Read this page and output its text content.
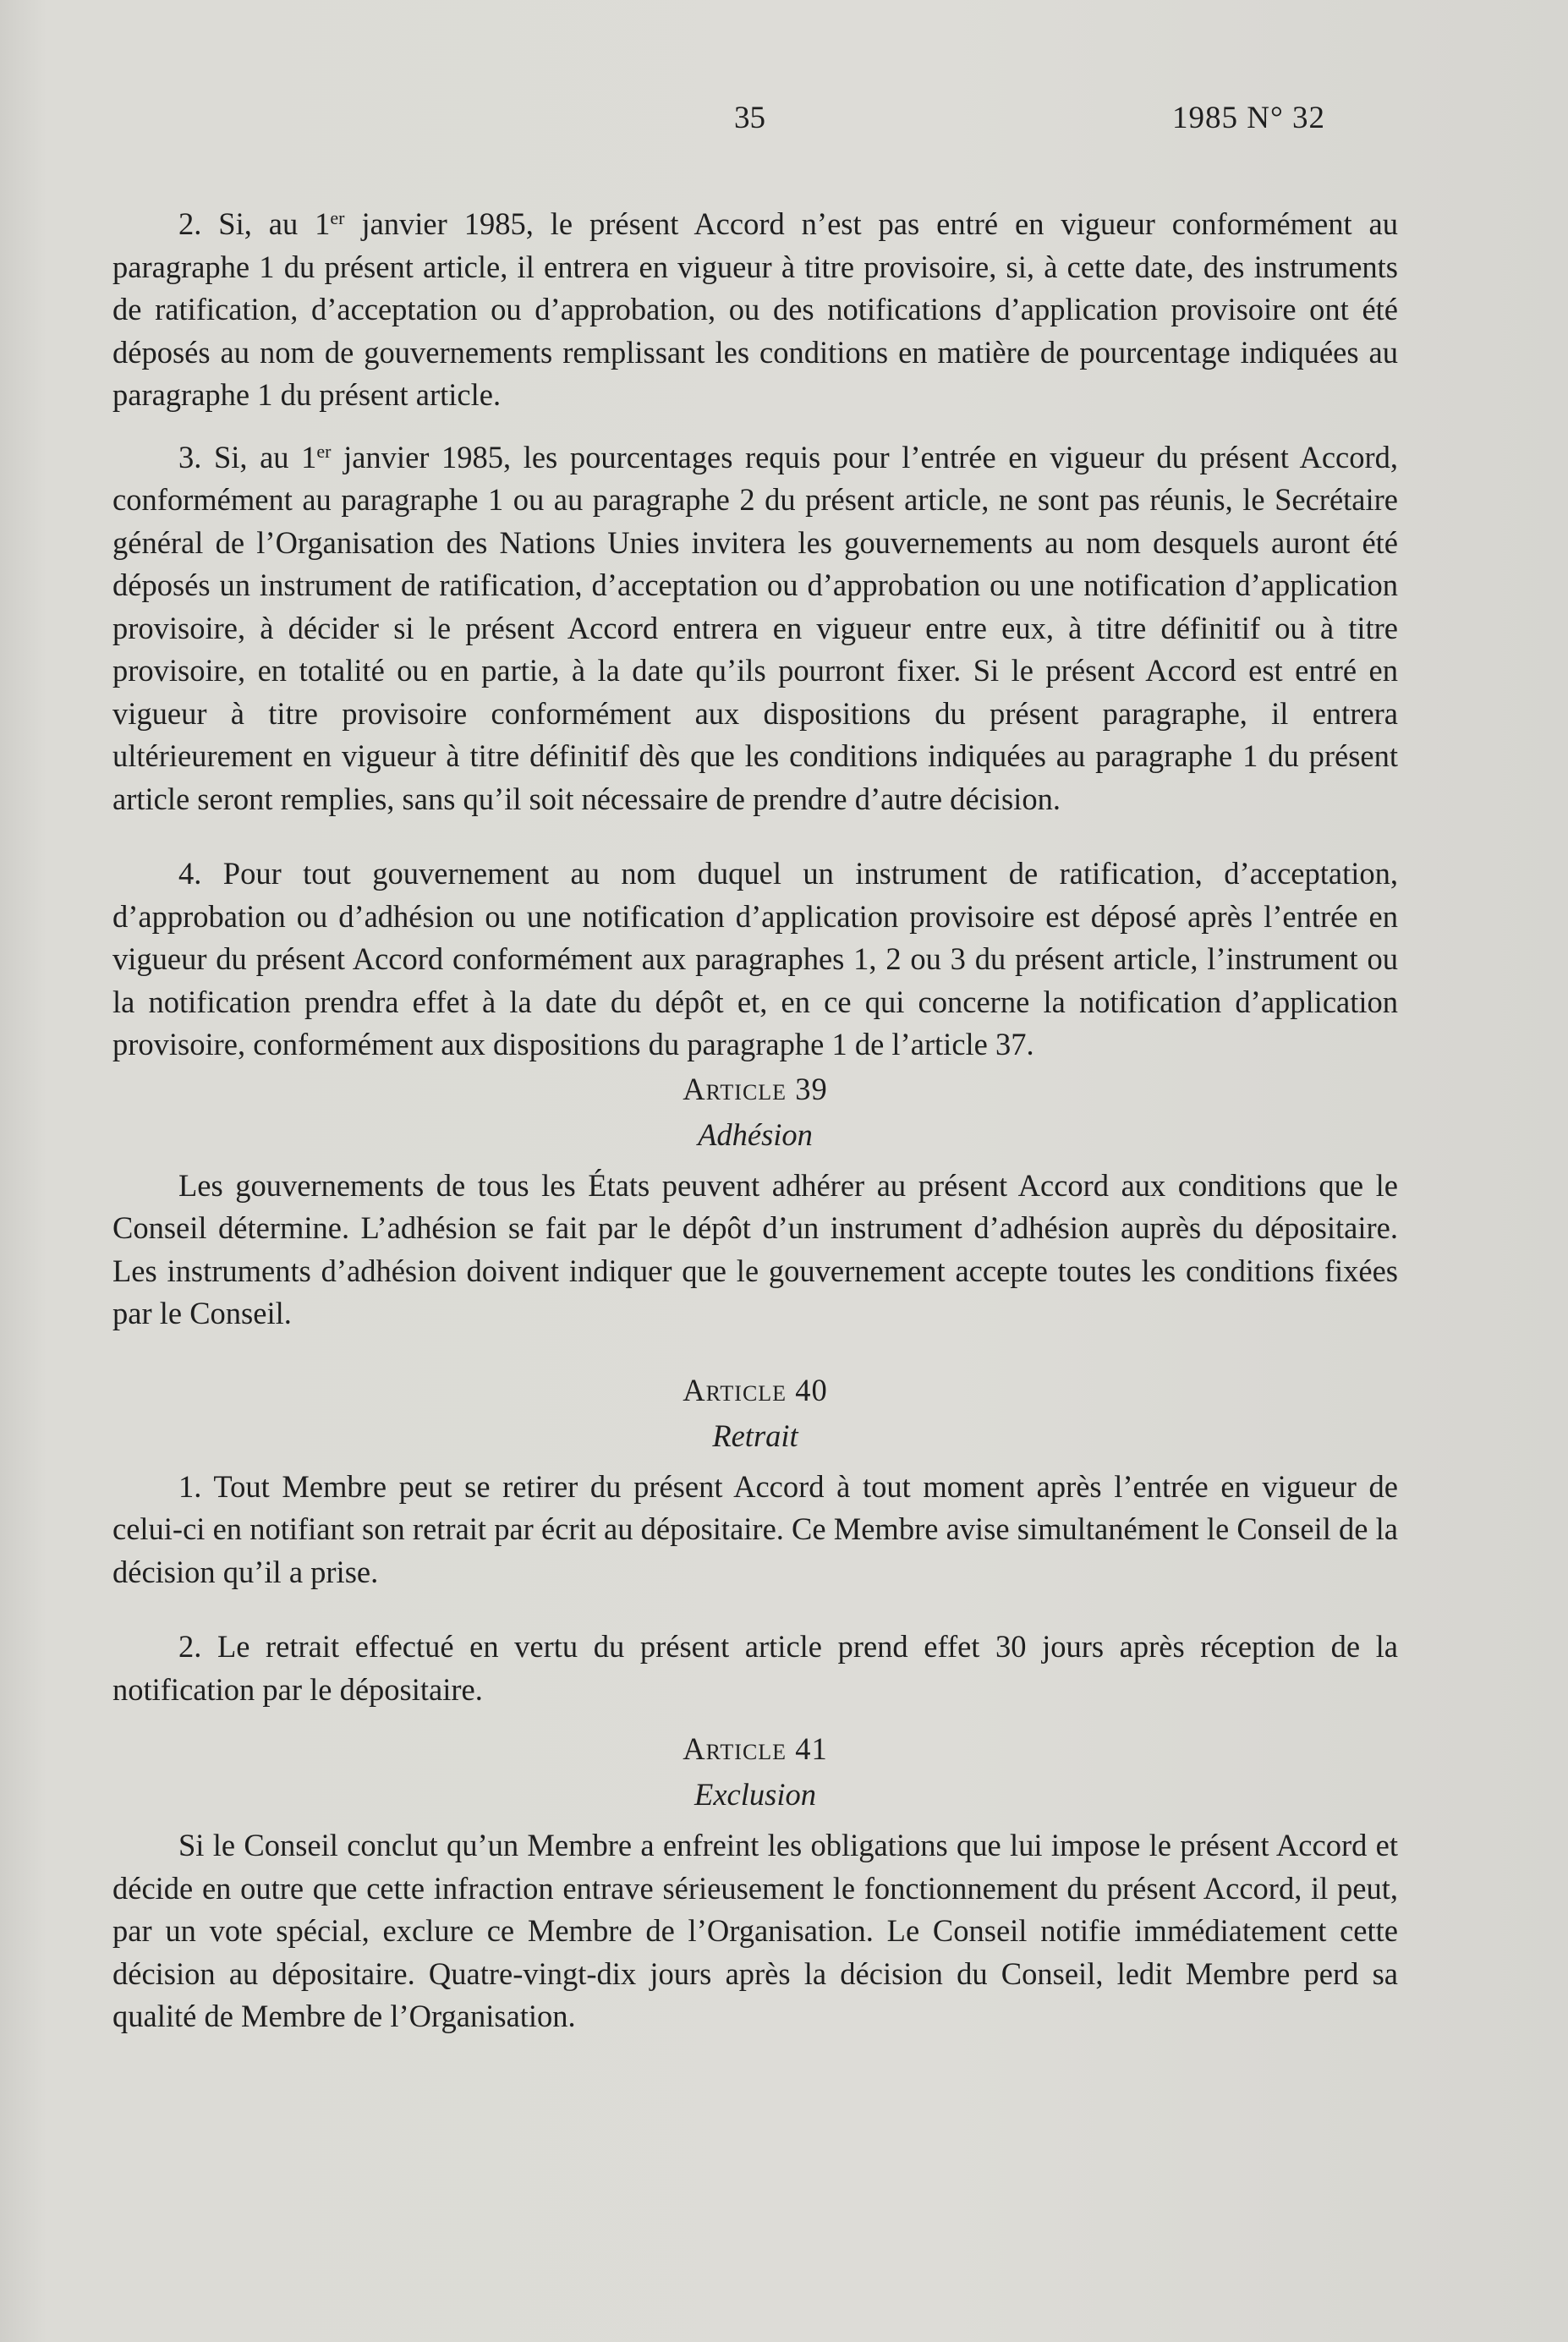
35	1985 N° 32

2. Si, au 1er janvier 1985, le présent Accord n’est pas entré en vigueur conformément au paragraphe 1 du présent article, il entrera en vigueur à titre provisoire, si, à cette date, des instruments de ratification, d’acceptation ou d’approbation, ou des notifications d’application provisoire ont été déposés au nom de gouvernements remplissant les conditions en matière de pourcentage indiquées au paragraphe 1 du présent article.

3. Si, au 1er janvier 1985, les pourcentages requis pour l’entrée en vigueur du présent Accord, conformément au paragraphe 1 ou au paragraphe 2 du présent article, ne sont pas réunis, le Secrétaire général de l’Organisation des Nations Unies invitera les gouvernements au nom desquels auront été déposés un instrument de ratification, d’acceptation ou d’approbation ou une notification d’application provisoire, à décider si le présent Accord entrera en vigueur entre eux, à titre définitif ou à titre provisoire, en totalité ou en partie, à la date qu’ils pourront fixer. Si le présent Accord est entré en vigueur à titre provisoire conformément aux dispositions du présent paragraphe, il entrera ultérieurement en vigueur à titre définitif dès que les conditions indiquées au paragraphe 1 du présent article seront remplies, sans qu’il soit nécessaire de prendre d’autre décision.

4. Pour tout gouvernement au nom duquel un instrument de ratification, d’acceptation, d’approbation ou d’adhésion ou une notification d’application provisoire est déposé après l’entrée en vigueur du présent Accord conformément aux paragraphes 1, 2 ou 3 du présent article, l’instrument ou la notification prendra effet à la date du dépôt et, en ce qui concerne la notification d’application provisoire, conformément aux dispositions du paragraphe 1 de l’article 37.

Article 39

Adhésion

Les gouvernements de tous les États peuvent adhérer au présent Accord aux conditions que le Conseil détermine. L’adhésion se fait par le dépôt d’un instrument d’adhésion auprès du dépositaire. Les instruments d’adhésion doivent indiquer que le gouvernement accepte toutes les conditions fixées par le Conseil.

Article 40

Retrait

1. Tout Membre peut se retirer du présent Accord à tout moment après l’entrée en vigueur de celui-ci en notifiant son retrait par écrit au dépositaire. Ce Membre avise simultanément le Conseil de la décision qu’il a prise.

2. Le retrait effectué en vertu du présent article prend effet 30 jours après réception de la notification par le dépositaire.

Article 41

Exclusion

Si le Conseil conclut qu’un Membre a enfreint les obligations que lui impose le présent Accord et décide en outre que cette infraction entrave sérieusement le fonctionnement du présent Accord, il peut, par un vote spécial, exclure ce Membre de l’Organisation. Le Conseil notifie immédiatement cette décision au dépositaire. Quatre-vingt-dix jours après la décision du Conseil, ledit Membre perd sa qualité de Membre de l’Organisation.
